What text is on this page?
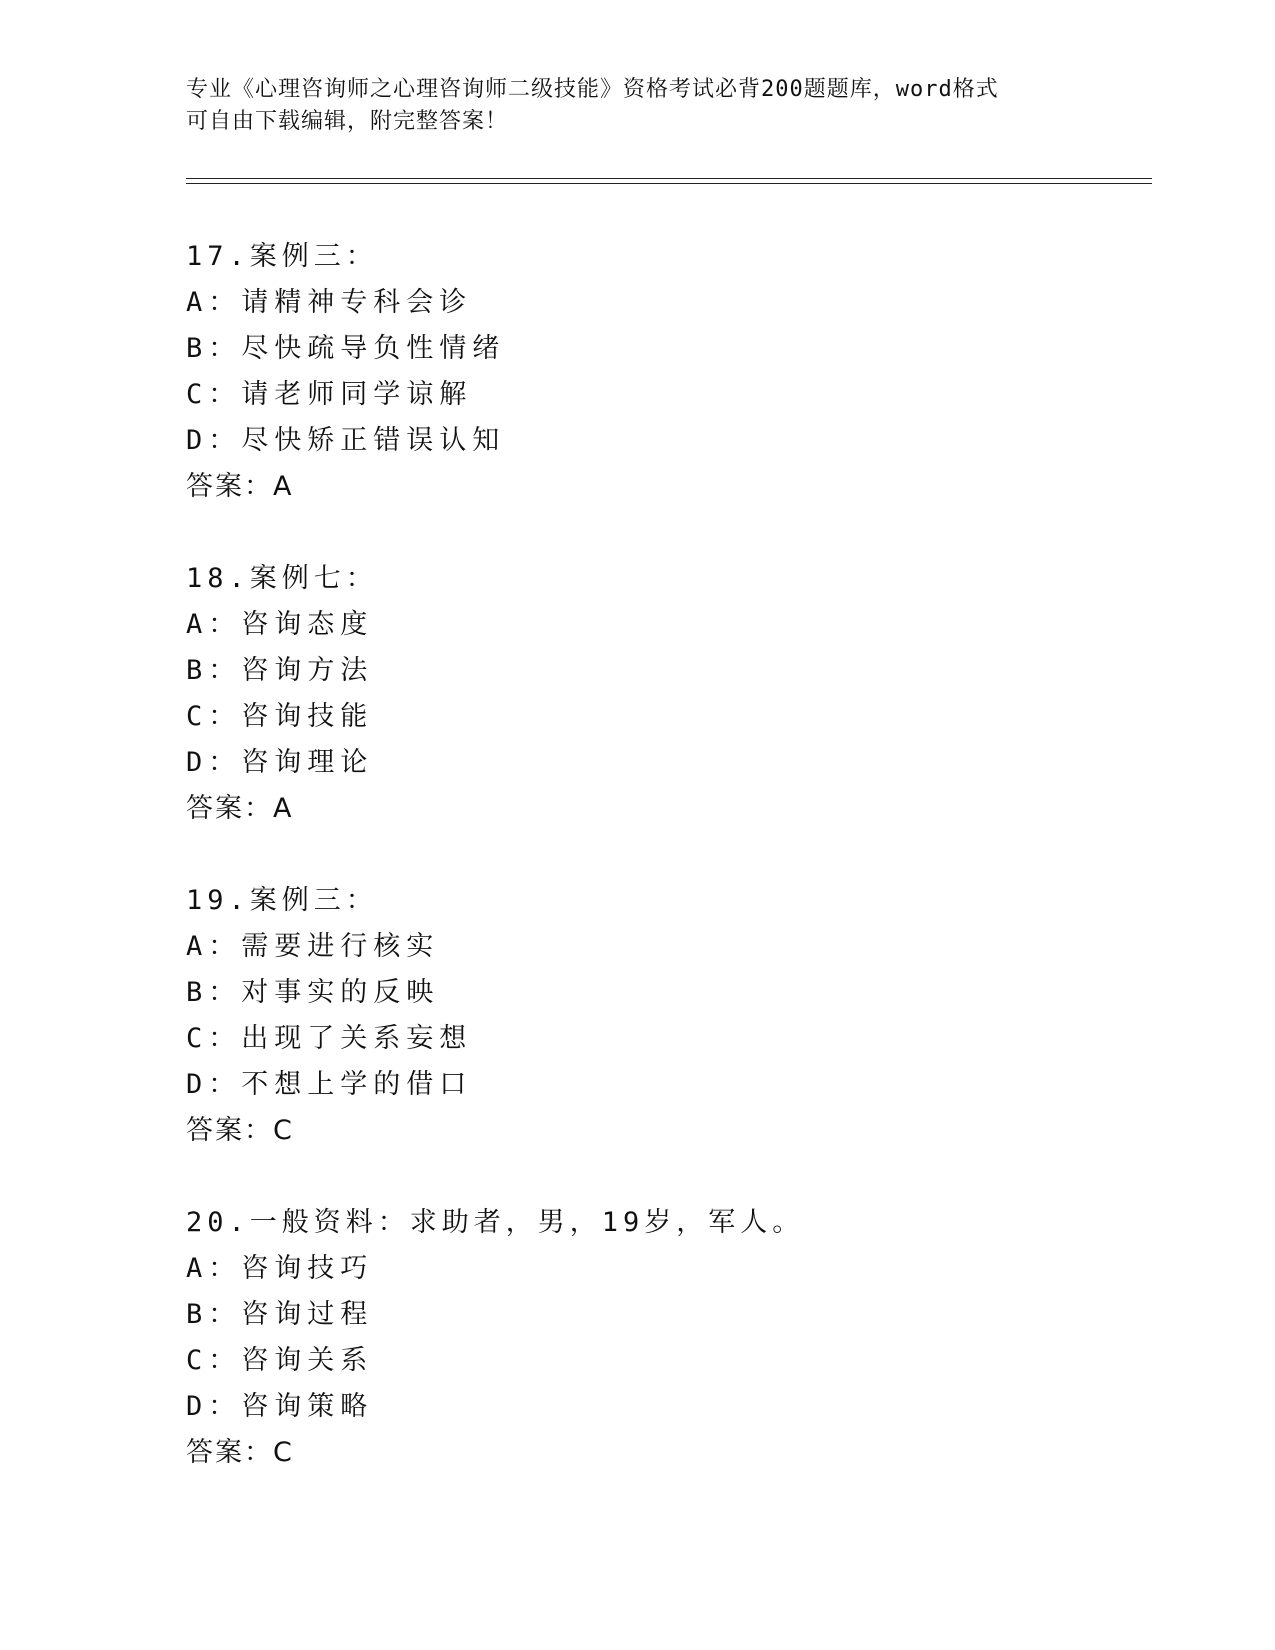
专业《心理咨询师之心理咨询师二级技能》资格考试必背200题题库，word格式
可自由下载编辑，附完整答案！
17.案例三：
A：请精神专科会诊
B：尽快疏导负性情绪
C：请老师同学谅解
D：尽快矫正错误认知
答案：A
18.案例七：
A：咨询态度
B：咨询方法
C：咨询技能
D：咨询理论
答案：A
19.案例三：
A：需要进行核实
B：对事实的反映
C：出现了关系妄想
D：不想上学的借口
答案：C
20.一般资料：求助者，男，19岁，军人。
A：咨询技巧
B：咨询过程
C：咨询关系
D：咨询策略
答案：C
